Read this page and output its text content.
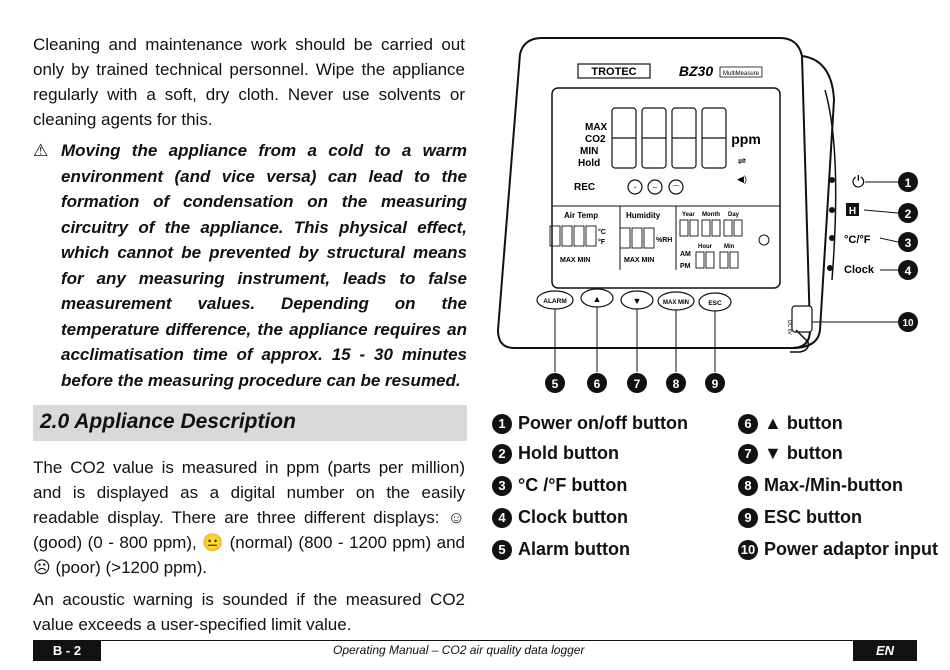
Cleaning and maintenance work should be carried out only by trained technical personnel. Wipe the appliance regularly with a soft, dry cloth. Never use solvents or cleaning agents for this.
⚠ Moving the appliance from a cold to a warm environment (and vice versa) can lead to the formation of condensation on the measuring circuitry of the appliance. This physical effect, which cannot be prevented by structural means for any measuring instrument, leads to false measurement values. Depending on the temperature difference, the appliance requires an acclimatisation time of approx. 15 - 30 minutes before the measuring procedure can be resumed.
2.0 Appliance Description
The CO2 value is measured in ppm (parts per million) and is displayed as a digital number on the easily readable display. There are three different displays: ☺ (good) (0 - 800 ppm), 😐 (normal) (800 - 1200 ppm) and ☹ (poor) (>1200 ppm).
An acoustic warning is sounded if the measured CO2 value exceeds a user-specified limit value.
TROTEC	BZ30 MultiMeasure
MAX
CO2
MIN
Hold
REC
ppm
⇌
◀)
ᵕ – ⌒
Air Temp	Humidity	Year Month Day
°C
°F	%RH
MAX MIN	MAX MIN
AM
PM
Hour Min
ALARM	▲	▼	MAX MIN	ESC
⏻
H
°C/°F
Clock
DC 6V
1
2
3
4
10
5	6	7	8	9
1 Power on/off button
2 Hold button
3 °C /°F button
4 Clock button
5 Alarm button
6 ▲ button
7 ▼ button
8 Max-/Min-button
9 ESC button
10 Power adaptor input
B - 2	Operating Manual – CO2 air quality data logger	EN
